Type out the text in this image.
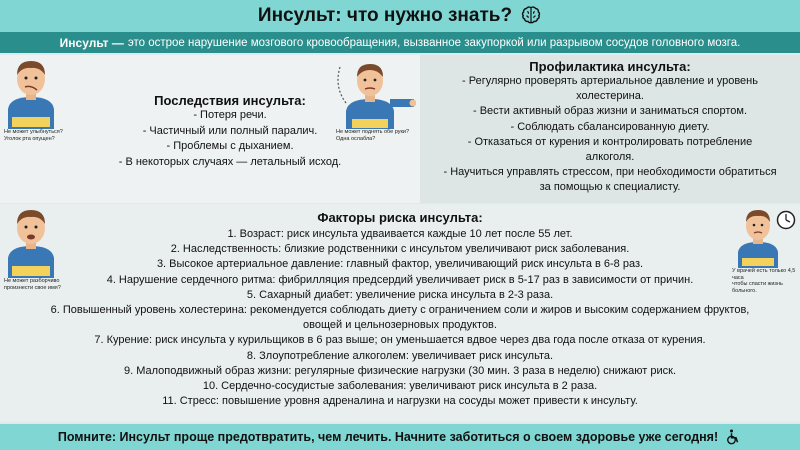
Инсульт: что нужно знать?
Инсульт — это острое нарушение мозгового кровообращения, вызванное закупоркой или разрывом сосудов головного мозга.
Не может улыбнуться?
Уголок рта опущен?
Последствия инсульта:
- Потеря речи.
- Частичный или полный паралич.
- Проблемы с дыханием.
- В некоторых случаях — летальный исход.
Не может поднять обе руки?
Одна ослабла?
Профилактика инсульта:
- Регулярно проверять артериальное давление и уровень
холестерина.
- Вести активный образ жизни и заниматься спортом.
- Соблюдать сбалансированную диету.
- Отказаться от курения и контролировать потребление
алкоголя.
- Научиться управлять стрессом, при необходимости обратиться
за помощью к специалисту.
Не может разборчиво
произнести свое имя?
Факторы риска инсульта:
1. Возраст: риск инсульта удваивается каждые 10 лет после 55 лет.
2. Наследственность: близкие родственники с инсультом увеличивают риск заболевания.
3. Высокое артериальное давление: главный фактор, увеличивающий риск инсульта в 6-8 раз.
4. Нарушение сердечного ритма: фибрилляция предсердий увеличивает риск в 5-17 раз в зависимости от причин.
5. Сахарный диабет: увеличение риска инсульта в 2-3 раза.
6. Повышенный уровень холестерина: рекомендуется соблюдать диету с ограничением соли и жиров и высоким содержанием фруктов,
овощей и цельнозерновых продуктов.
7. Курение: риск инсульта у курильщиков в 6 раз выше; он уменьшается вдвое через два года после отказа от курения.
8. Злоупотребление алкоголем: увеличивает риск инсульта.
9. Малоподвижный образ жизни: регулярные физические нагрузки (30 мин. 3 раза в неделю) снижают риск.
10. Сердечно-сосудистые заболевания: увеличивают риск инсульта в 2 раза.
11. Стресс: повышение уровня адреналина и нагрузки на сосуды может привести к инсульту.
У врачей есть только 4,5 часа
чтобы спасти жизнь больного.
Помните: Инсульт проще предотвратить, чем лечить. Начните заботиться о своем здоровье уже сегодня!
